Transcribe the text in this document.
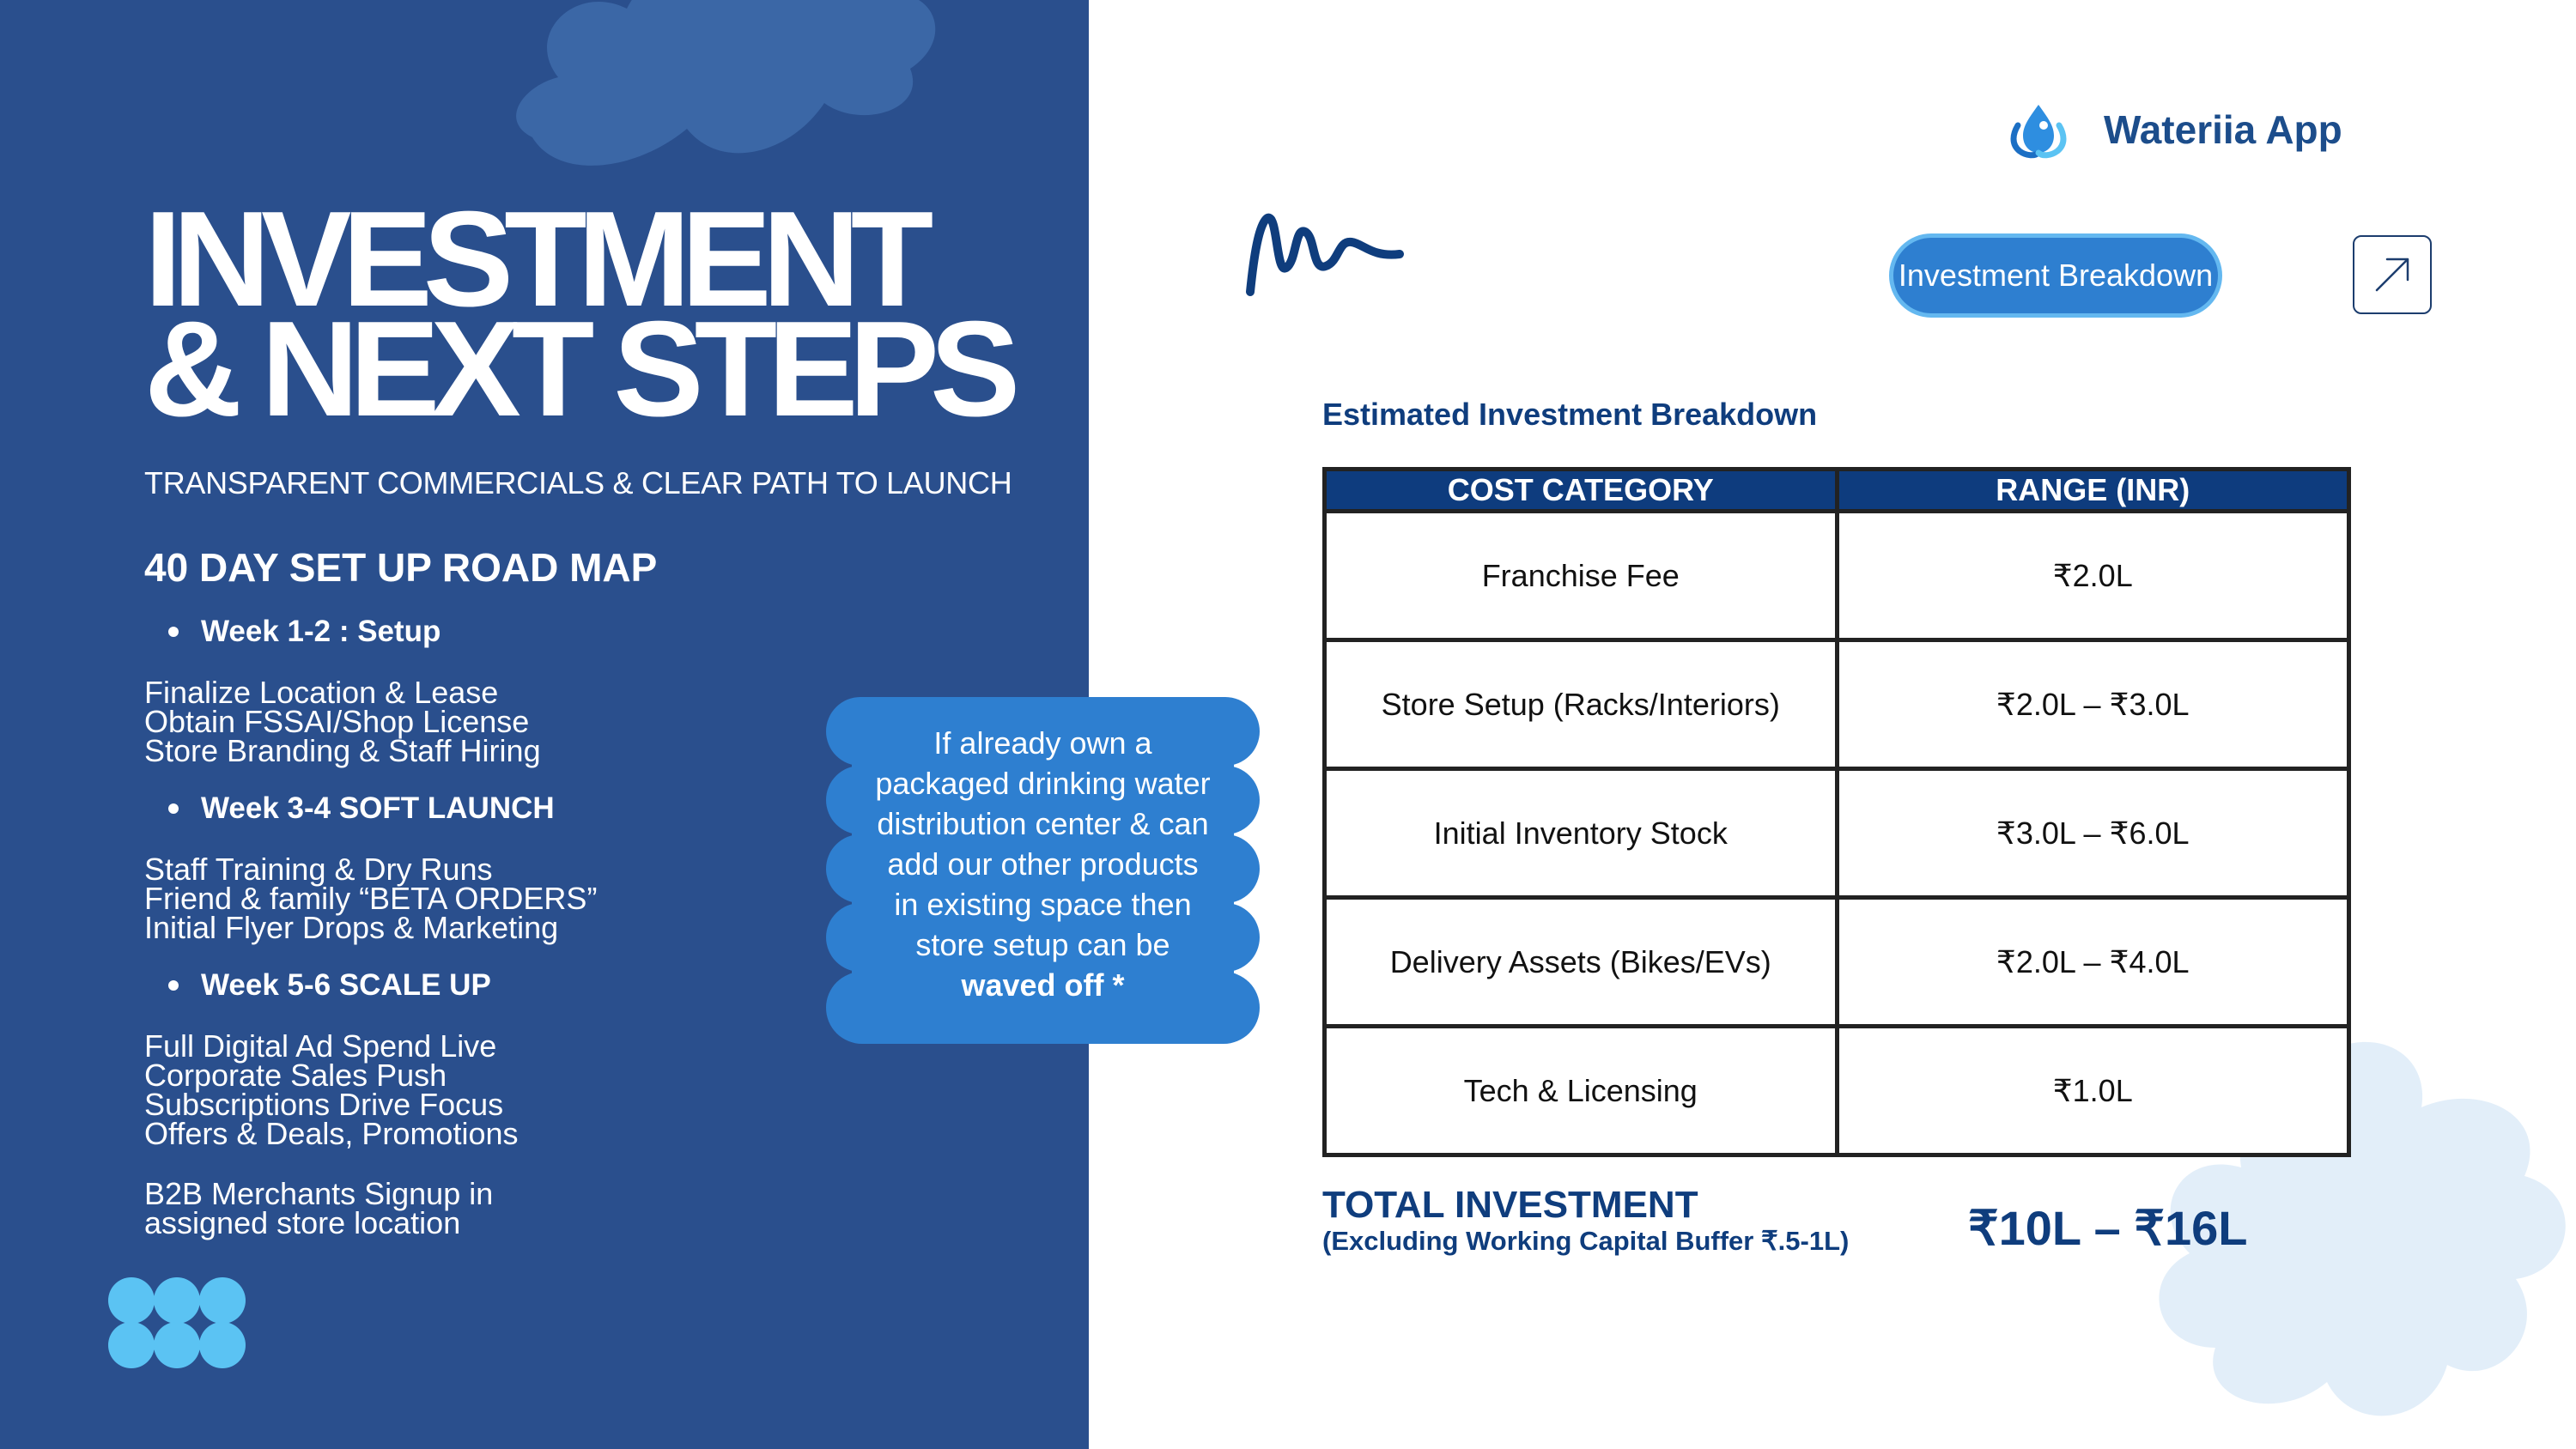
INVESTMENT
& NEXT STEPS
TRANSPARENT COMMERCIALS & CLEAR PATH TO LAUNCH
40 DAY SET UP ROAD MAP
Week 1-2 : Setup
Finalize Location & Lease
Obtain FSSAI/Shop License
Store Branding & Staff Hiring
Week 3-4 SOFT LAUNCH
Staff Training & Dry Runs
Friend & family “BETA ORDERS”
Initial Flyer Drops & Marketing
Week 5-6 SCALE UP
Full Digital Ad Spend Live
Corporate Sales Push
Subscriptions Drive Focus
Offers & Deals, Promotions
B2B Merchants Signup in
assigned store location
If already own a
packaged drinking water
distribution center & can
add our other products
in existing space then
store setup can be
waved off *
Wateriia App
Investment Breakdown
Estimated Investment Breakdown
COST CATEGORY	RANGE (INR)
Franchise Fee	₹2.0L
Store Setup (Racks/Interiors)	₹2.0L – ₹3.0L
Initial Inventory Stock	₹3.0L – ₹6.0L
Delivery Assets (Bikes/EVs)	₹2.0L – ₹4.0L
Tech & Licensing	₹1.0L
TOTAL INVESTMENT
(Excluding Working Capital Buffer ₹.5-1L) ₹10L – ₹16L
